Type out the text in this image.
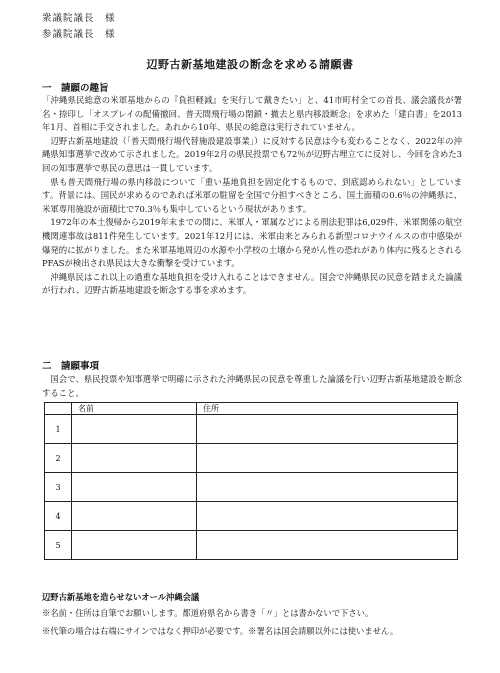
衆議院議長　様
参議院議長　様
辺野古新基地建設の断念を求める請願書
一　請願の趣旨

「沖縄県民総意の米軍基地からの『負担軽減』を実行して戴きたい」と、41市町村全ての首長、議会議長が署名・捺印し「オスプレイの配備撤回、普天間飛行場の閉鎖・撤去と県内移設断念」を求めた「建白書」を2013年1月、首相に手交されました。あれから10年、県民の総意は実行されていません。

辺野古新基地建設（「普天間飛行場代替施設建設事業」）に反対する民意は今も変わることなく、2022年の沖縄県知事選挙で改めて示されました。2019年2月の県民投票でも72％が辺野古埋立てに反対し、今回を含めた3回の知事選挙で県民の意思は一貫しています。

県も普天間飛行場の県内移設について「重い基地負担を固定化するもので、到底認められない」としています。背景には、国民が求めるのであれば米軍の駐留を全国で分担すべきところ、国土面積の0.6％の沖縄県に、米軍専用施設が面積比で70.3％も集中しているという現状があります。

1972年の本土復帰から2019年末までの間に、米軍人・軍属などによる刑法犯罪は6,029件、米軍関係の航空機関連事故は811件発生しています。2021年12月には、米軍由来とみられる新型コロナウイルスの市中感染が爆発的に拡がりました。また米軍基地周辺の水源や小学校の土壌から発がん性の恐れがあり体内に残るとされるPFASが検出され県民は大きな衝撃を受けています。

沖縄県民はこれ以上の過重な基地負担を受け入れることはできません。国会で沖縄県民の民意を踏まえた論議が行われ、辺野古新基地建設を断念する事を求めます。

二　請願事項

国会で、県民投票や知事選挙で明確に示された沖縄県民の民意を尊重した論議を行い辺野古新基地建設を断念すること。

	名前	住所
1		
2		
3		
4		
5		
辺野古新基地を造らせないオール沖縄会議
※名前・住所は自筆でお願いします。都道府県名から書き「〃」とは書かないで下さい。
※代筆の場合は右端にサインではなく押印が必要です。※署名は国会請願以外には使いません。
